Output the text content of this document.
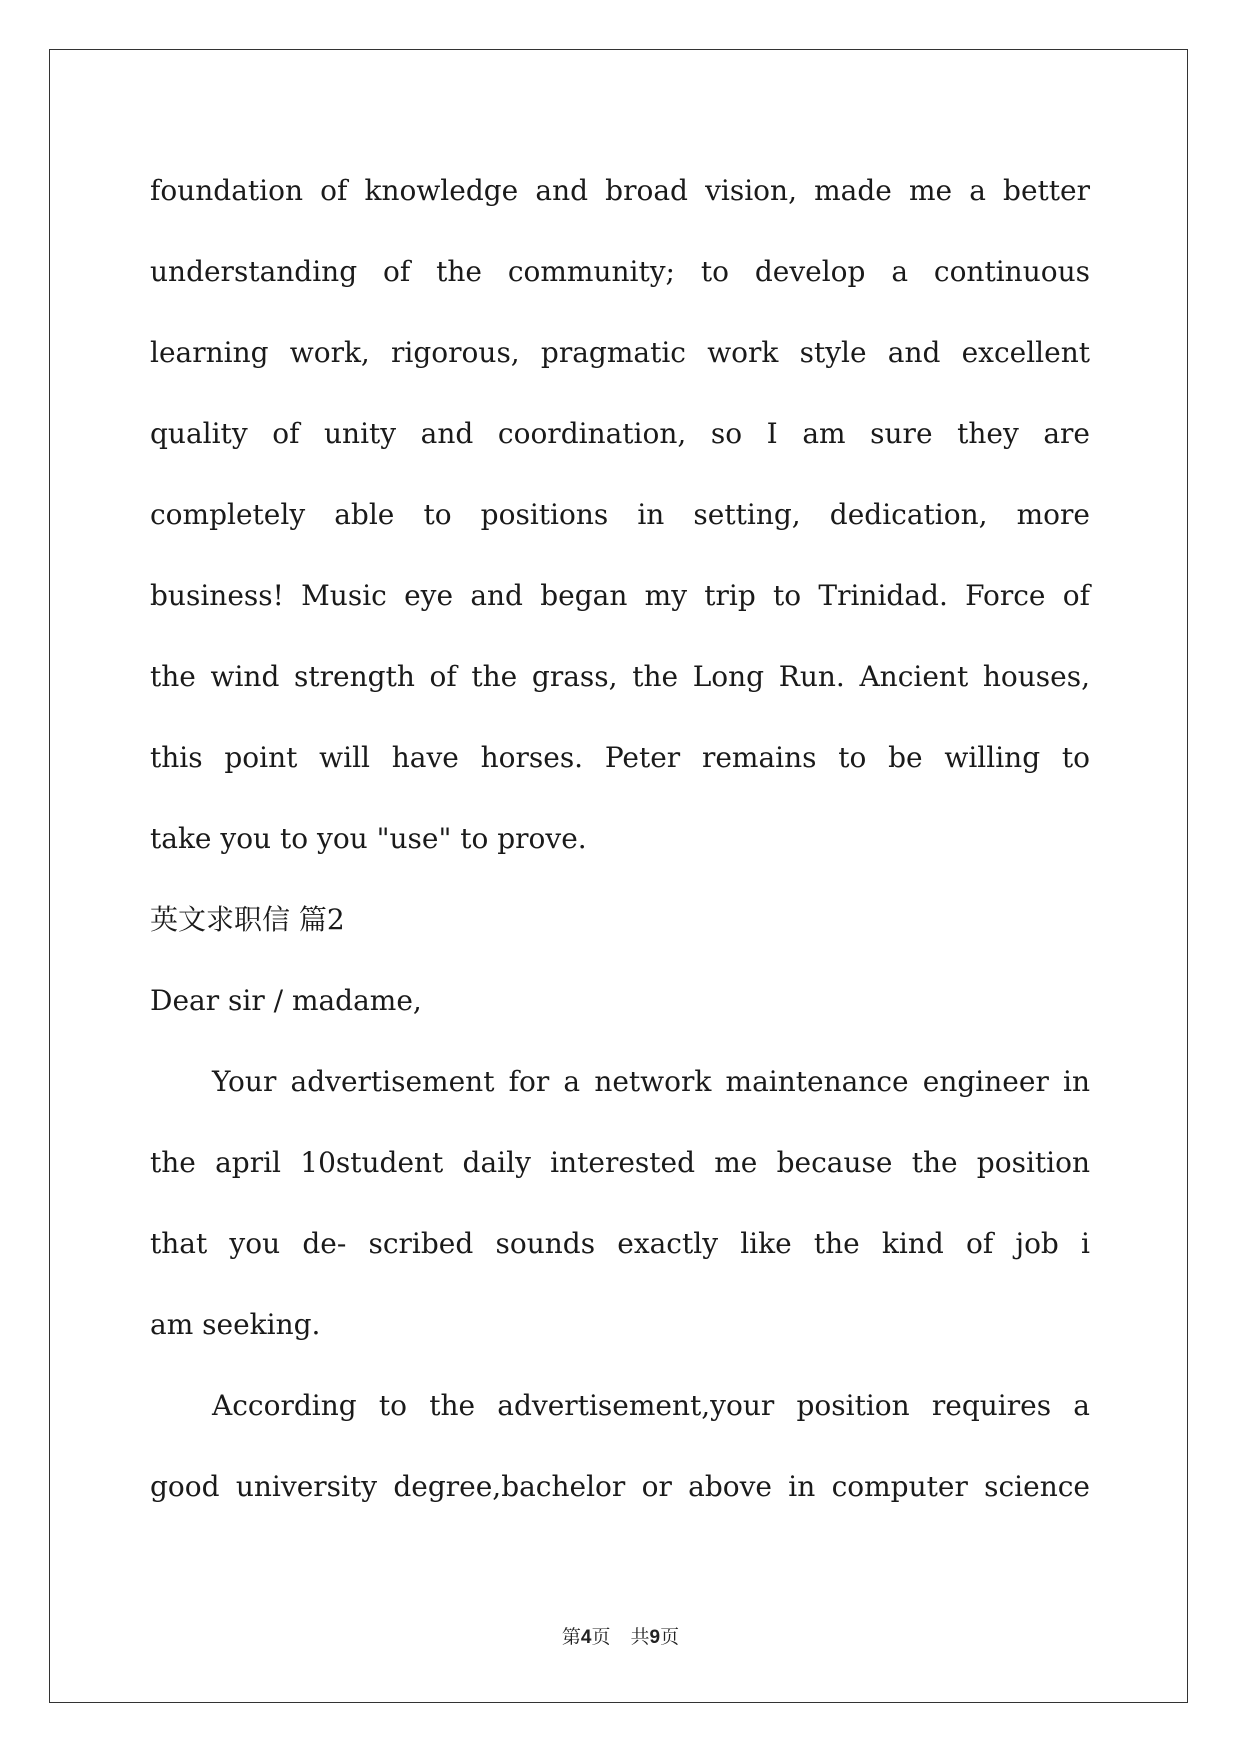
foundation of knowledge and broad vision, made me a better
understanding of the community; to develop a continuous
learning work, rigorous, pragmatic work style and excellent
quality of unity and coordination, so I am sure they are
completely able to positions in setting, dedication, more
business! Music eye and began my trip to Trinidad. Force of
the wind strength of the grass, the Long Run. Ancient houses,
this point will have horses. Peter remains to be willing to
take you to you "use" to prove.
英文求职信 篇2
Dear sir / madame,
Your advertisement for a network maintenance engineer in
the april 10student daily interested me because the position
that you de- scribed sounds exactly like the kind of job i
am seeking.
According to the advertisement,your position requires a
good university degree,bachelor or above in computer science
第4页 共9页
